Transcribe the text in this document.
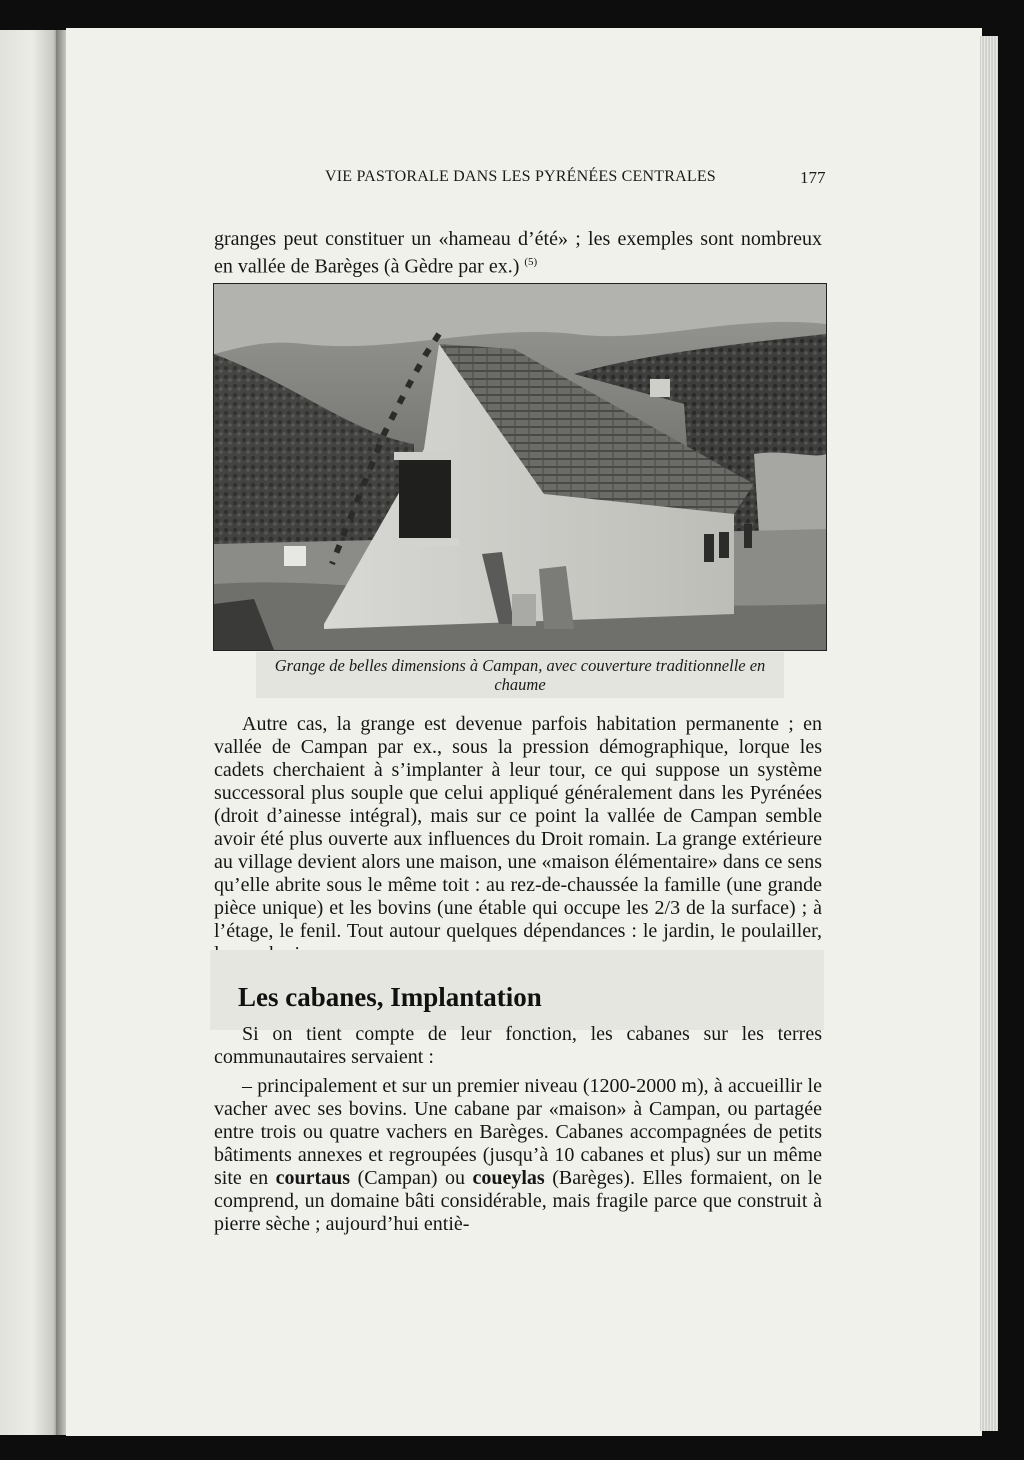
VIE PASTORALE DANS LES PYRÉNÉES CENTRALES	177

granges peut constituer un «hameau d’été» ; les exemples sont nombreux en vallée de Barèges (à Gèdre par ex.) $^{(5)}$

Grange de belles dimensions à Campan, avec couverture traditionnelle en chaume

Autre cas, la grange est devenue parfois habitation permanente ; en vallée de Campan par ex., sous la pression démographique, lorque les cadets cherchaient à s’implanter à leur tour, ce qui suppose un système successoral plus souple que celui appliqué généralement dans les Pyrénées (droit d’ainesse intégral), mais sur ce point la vallée de Campan semble avoir été plus ouverte aux influences du Droit romain. La grange extérieure au village devient alors une maison, une «maison élémentaire» dans ce sens qu’elle abrite sous le même toit : au rez-de-chaussée la famille (une grande pièce unique) et les bovins (une étable qui occupe les 2/3 de la surface) ; à l’étage, le fenil. Tout autour quelques dépendances : le jardin, le poulailler,

Les cabanes, Implantation

Si on tient compte de leur fonction, les cabanes sur les terres communautaires servaient :

– principalement et sur un premier niveau (1200-2000 m), à accueillir le vacher avec ses bovins. Une cabane par «maison» à Campan, ou partagée entre trois ou quatre vachers en Barèges. Cabanes accompagnées de petits bâtiments annexes et regroupées (jusqu’à 10 cabanes et plus) sur un même site en courtaus (Campan) ou coueylas (Barèges). Elles formaient, on le comprend, un domaine bâti considérable, mais fragile parce que construit à pierre sèche ; aujourd’hui entiè-
